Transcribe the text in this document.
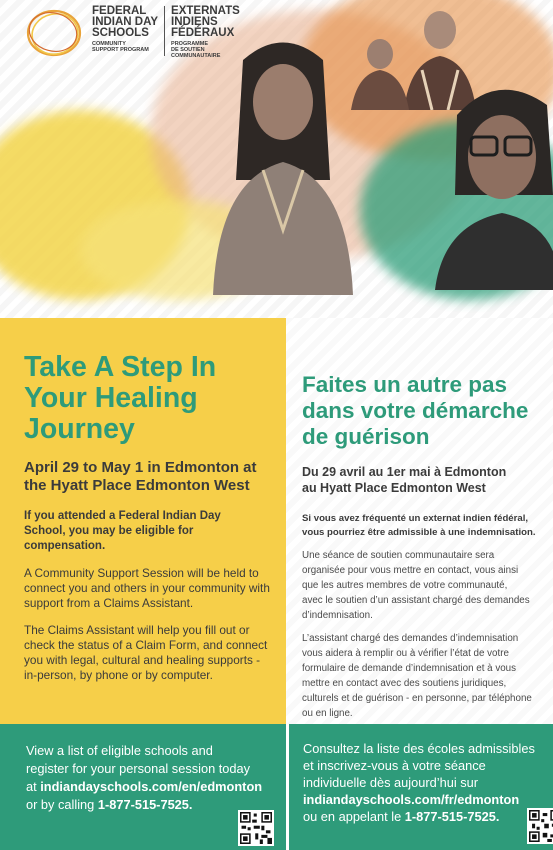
FEDERAL
INDIAN DAY
SCHOOLS
COMMUNITY
SUPPORT PROGRAM
EXTERNATS
INDIENS
FÉDÉRAUX
PROGRAMME
DE SOUTIEN
COMMUNAUTAIRE
Take A Step In Your Healing Journey
April 29 to May 1 in Edmonton at the Hyatt Place Edmonton West
If you attended a Federal Indian Day School, you may be eligible for compensation.
A Community Support Session will be held to connect you and others in your community with support from a Claims Assistant.
The Claims Assistant will help you fill out or check the status of a Claim Form, and connect you with legal, cultural and healing supports - in-person, by phone or by computer.
Faites un autre pas
dans votre démarche
de guérison
Du 29 avril au 1er mai à Edmonton
au Hyatt Place Edmonton West
Si vous avez fréquenté un externat indien fédéral,
vous pourriez être admissible à une indemnisation.
Une séance de soutien communautaire sera
organisée pour vous mettre en contact, vous ainsi
que les autres membres de votre communauté,
avec le soutien d’un assistant chargé des demandes
d’indemnisation.
L’assistant chargé des demandes d’indemnisation
vous aidera à remplir ou à vérifier l’état de votre
formulaire de demande d’indemnisation et à vous
mettre en contact avec des soutiens juridiques,
culturels et de guérison - en personne, par téléphone
ou en ligne.
View a list of eligible schools and
register for your personal session today
at indiandayschools.com/en/edmonton
or by calling 1-877-515-7525.
Consultez la liste des écoles admissibles
et inscrivez-vous à votre séance
individuelle dès aujourd’hui sur
indiandayschools.com/fr/edmonton
ou en appelant le 1-877-515-7525.
